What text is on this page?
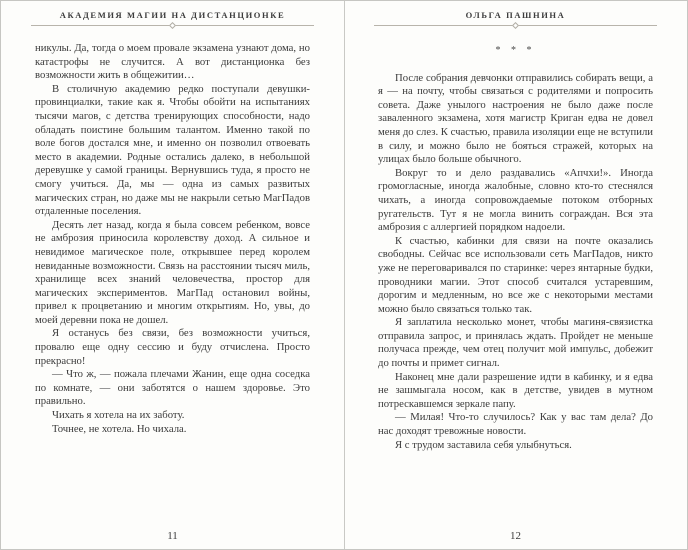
АКАДЕМИЯ МАГИИ НА ДИСТАНЦИОНКЕ

никулы. Да, тогда о моем провале экзамена узнают дома, но катастрофы не случится. А вот дистанционка без возможности жить в общежитии…

В столичную академию редко поступали девушки-провинциалки, такие как я. Чтобы обойти на испытаниях тысячи магов, с детства тренирующих способности, надо обладать поистине большим талантом. Именно такой по воле богов достался мне, и именно он позволил отвоевать место в академии. Родные остались далеко, в небольшой деревушке у самой границы. Вернувшись туда, я просто не смогу учиться. Да, мы — одна из самых развитых магических стран, но даже мы не накрыли сетью МагПадов отдаленные поселения.

Десять лет назад, когда я была совсем ребенком, вовсе не амброзия приносила королевству доход. А сильное и невидимое магическое поле, открывшее перед королем невиданные возможности. Связь на расстоянии тысяч миль, хранилище всех знаний человечества, простор для магических экспериментов. МагПад остановил войны, привел к процветанию и многим открытиям. Но, увы, до моей деревни пока не дошел.

Я останусь без связи, без возможности учиться, провалю еще одну сессию и буду отчислена. Просто прекрасно!

— Что ж, — пожала плечами Жанин, еще одна соседка по комнате, — они заботятся о нашем здоровье. Это правильно.

Чихать я хотела на их заботу.

Точнее, не хотела. Но чихала.

11
ОЛЬГА ПАШНИНА
* * *

После собрания девчонки отправились собирать вещи, а я — на почту, чтобы связаться с родителями и попросить совета. Даже унылого настроения не было даже после заваленного экзамена, хотя магистр Криган едва не довел меня до слез. К счастью, правила изоляции еще не вступили в силу, и можно было не бояться стражей, которых на улицах было больше обычного.

Вокруг то и дело раздавались «Апчхи!». Иногда громогласные, иногда жалобные, словно кто-то стеснялся чихать, а иногда сопровождаемые потоком отборных ругательств. Тут я не могла винить сограждан. Вся эта амброзия с аллергией порядком надоели.

К счастью, кабинки для связи на почте оказались свободны. Сейчас все использовали сеть МагПадов, никто уже не переговаривался по старинке: через янтарные будки, проводники магии. Этот способ считался устаревшим, дорогим и медленным, но все же с некоторыми местами можно было связаться только так.

Я заплатила несколько монет, чтобы магиня-связистка отправила запрос, и принялась ждать. Пройдет не меньше получаса прежде, чем отец получит мой импульс, добежит до почты и примет сигнал.

Наконец мне дали разрешение идти в кабинку, и я едва не зашмыгала носом, как в детстве, увидев в мутном потрескавшемся зеркале папу.

— Милая! Что-то случилось? Как у вас там дела? До нас доходят тревожные новости.

Я с трудом заставила себя улыбнуться.

12
